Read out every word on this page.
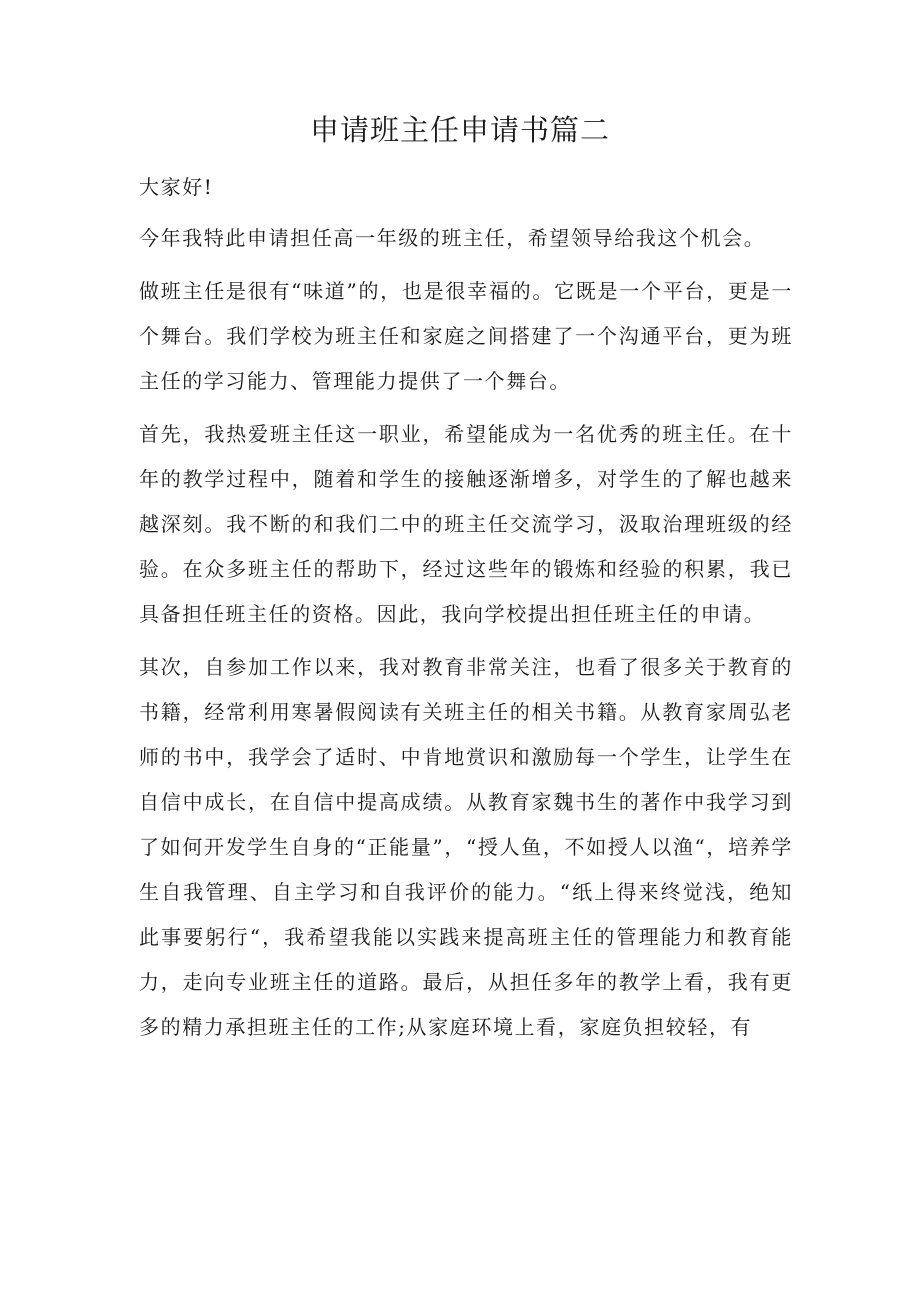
申请班主任申请书篇二

大家好!

今年我特此申请担任高一年级的班主任，希望领导给我这个机会。

做班主任是很有“味道”的，也是很幸福的。它既是一个平台，更是一个舞台。我们学校为班主任和家庭之间搭建了一个沟通平台，更为班主任的学习能力、管理能力提供了一个舞台。

首先，我热爱班主任这一职业，希望能成为一名优秀的班主任。在十年的教学过程中，随着和学生的接触逐渐增多，对学生的了解也越来越深刻。我不断的和我们二中的班主任交流学习，汲取治理班级的经验。在众多班主任的帮助下，经过这些年的锻炼和经验的积累，我已具备担任班主任的资格。因此，我向学校提出担任班主任的申请。

其次，自参加工作以来，我对教育非常关注，也看了很多关于教育的书籍，经常利用寒暑假阅读有关班主任的相关书籍。从教育家周弘老师的书中，我学会了适时、中肯地赏识和激励每一个学生，让学生在自信中成长，在自信中提高成绩。从教育家魏书生的著作中我学习到了如何开发学生自身的“正能量”，“授人鱼，不如授人以渔“，培养学生自我管理、自主学习和自我评价的能力。“纸上得来终觉浅，绝知此事要躬行“，我希望我能以实践来提高班主任的管理能力和教育能力，走向专业班主任的道路。最后，从担任多年的教学上看，我有更多的精力承担班主任的工作;从家庭环境上看，家庭负担较轻，有
